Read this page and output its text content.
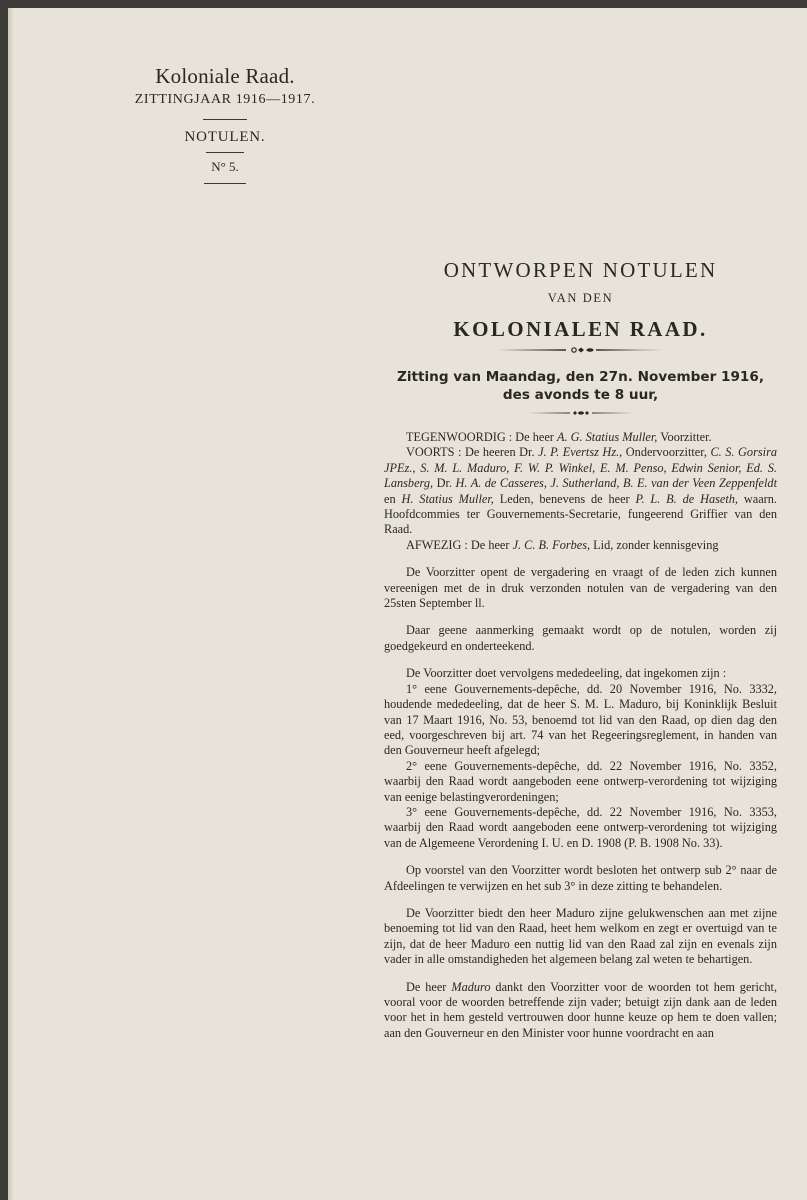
Koloniale Raad.
ZITTINGJAAR 1916—1917.
NOTULEN.
N° 5.
ONTWORPEN NOTULEN
VAN DEN
KOLONIALEN RAAD.
Zitting van Maandag, den 27n. November 1916,
des avonds te 8 uur,

TEGENWOORDIG : De heer A. G. Statius Muller, Voorzitter.

VOORTS : De heeren Dr. J. P. Evertsz Hz., Ondervoorzitter, C. S. Gorsira JPEz., S. M. L. Maduro, F. W. P. Winkel, E. M. Penso, Edwin Senior, Ed. S. Lansberg, Dr. H. A. de Casseres, J. Sutherland, B. E. van der Veen Zeppenfeldt en H. Statius Muller, Leden, benevens de heer P. L. B. de Haseth, waarn. Hoofdcommies ter Gouvernements-Secretarie, fungeerend Griffier van den Raad.

AFWEZIG : De heer J. C. B. Forbes, Lid, zonder kennisgeving

De Voorzitter opent de vergadering en vraagt of de leden zich kunnen vereenigen met de in druk verzonden notulen van de vergadering van den 25sten September ll.

Daar geene aanmerking gemaakt wordt op de notulen, worden zij goedgekeurd en onderteekend.

De Voorzitter doet vervolgens mededeeling, dat ingekomen zijn :

1° eene Gouvernements-depêche, dd. 20 November 1916, No. 3332, houdende mededeeling, dat de heer S. M. L. Maduro, bij Koninklijk Besluit van 17 Maart 1916, No. 53, benoemd tot lid van den Raad, op dien dag den eed, voorgeschreven bij art. 74 van het Regeeringsreglement, in handen van den Gouverneur heeft afgelegd;

2° eene Gouvernements-depêche, dd. 22 November 1916, No. 3352, waarbij den Raad wordt aangeboden eene ontwerp-verordening tot wijziging van eenige belastingverordeningen;

3° eene Gouvernements-depêche, dd. 22 November 1916, No. 3353, waarbij den Raad wordt aangeboden eene ontwerp-verordening tot wijziging van de Algemeene Verordening I. U. en D. 1908 (P. B. 1908 No. 33).

Op voorstel van den Voorzitter wordt besloten het ontwerp sub 2° naar de Afdeelingen te verwijzen en het sub 3° in deze zitting te behandelen.

De Voorzitter biedt den heer Maduro zijne gelukwenschen aan met zijne benoeming tot lid van den Raad, heet hem welkom en zegt er overtuigd van te zijn, dat de heer Maduro een nuttig lid van den Raad zal zijn en evenals zijn vader in alle omstandigheden het algemeen belang zal weten te behartigen.

De heer Maduro dankt den Voorzitter voor de woorden tot hem gericht, vooral voor de woorden betreffende zijn vader; betuigt zijn dank aan de leden voor het in hem gesteld vertrouwen door hunne keuze op hem te doen vallen; aan den Gouverneur en den Minister voor hunne voordracht en aan
